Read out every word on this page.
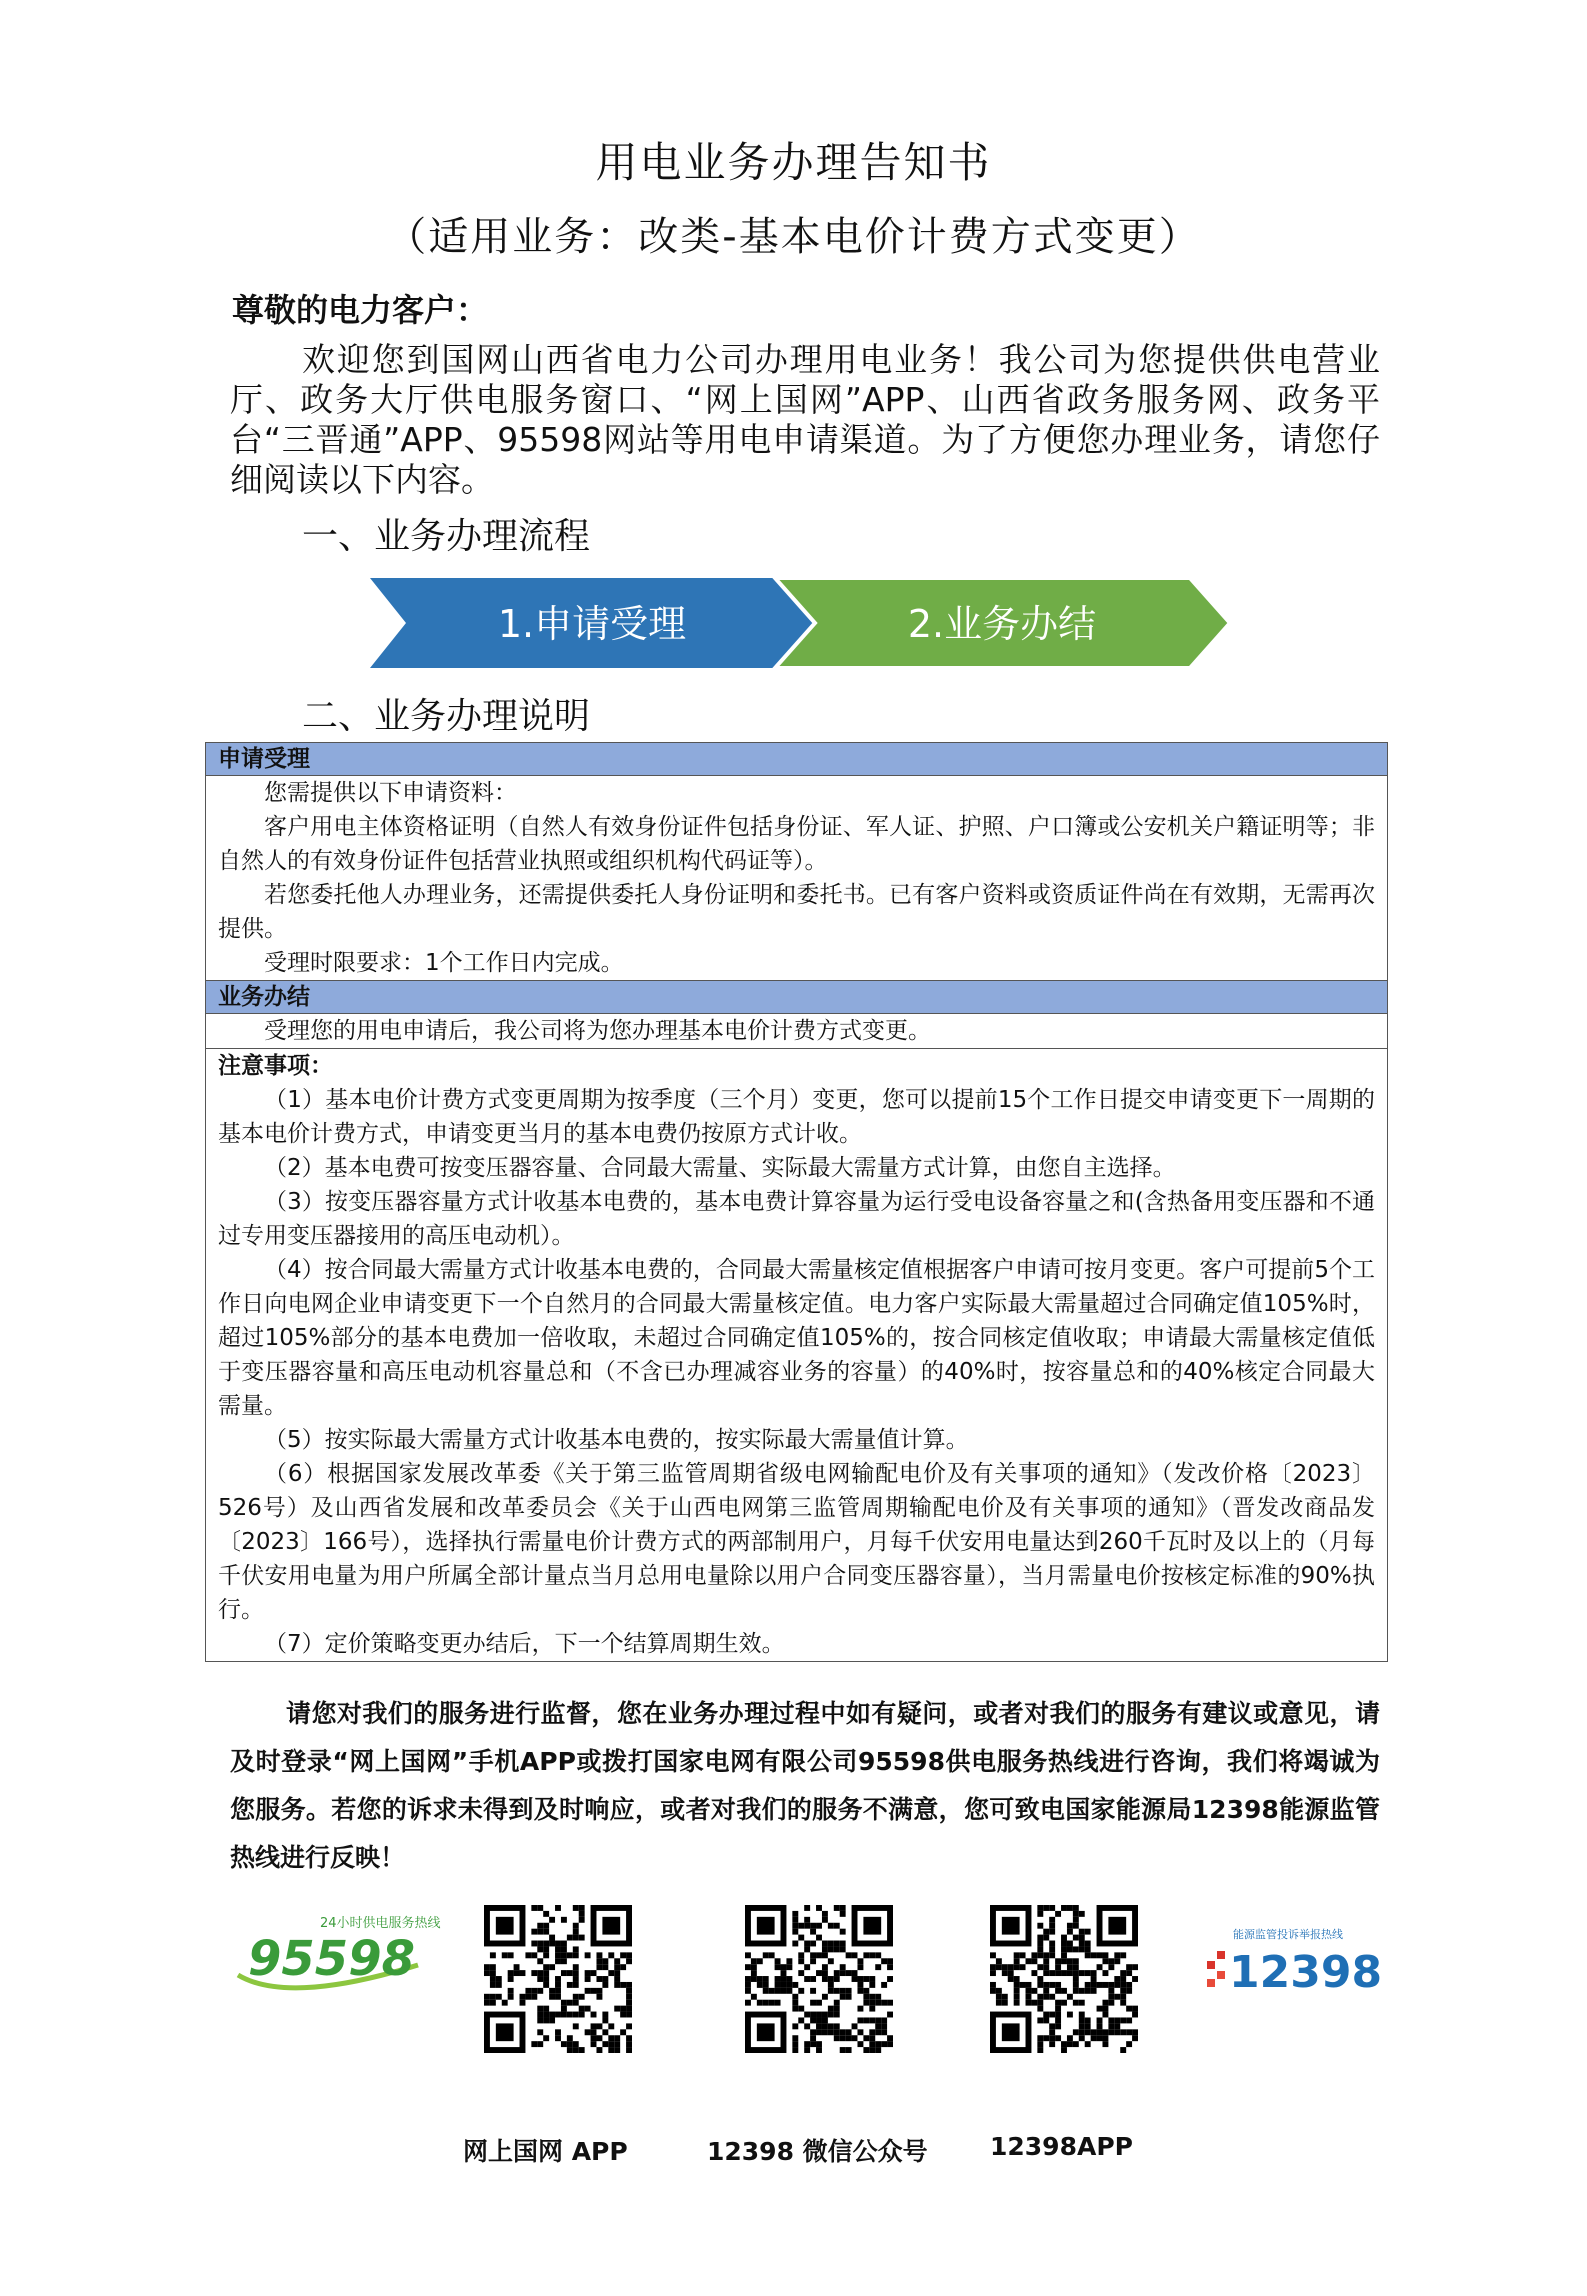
用电业务办理告知书
（适用业务：改类-基本电价计费方式变更）
尊敬的电力客户：
欢迎您到国网山西省电力公司办理用电业务！我公司为您提供供电营业厅、政务大厅供电服务窗口、“网上国网”APP、山西省政务服务网、政务平台“三晋通”APP、95598网站等用电申请渠道。为了方便您办理业务，请您仔细阅读以下内容。
一、业务办理流程
1.申请受理	2.业务办结
二、业务办理说明
申请受理

您需提供以下申请资料：

客户用电主体资格证明（自然人有效身份证件包括身份证、军人证、护照、户口簿或公安机关户籍证明等；非自然人的有效身份证件包括营业执照或组织机构代码证等）。

若您委托他人办理业务，还需提供委托人身份证明和委托书。已有客户资料或资质证件尚在有效期，无需再次提供。

受理时限要求：1个工作日内完成。

业务办结

受理您的用电申请后，我公司将为您办理基本电价计费方式变更。

注意事项：

（1）基本电价计费方式变更周期为按季度（三个月）变更，您可以提前15个工作日提交申请变更下一周期的基本电价计费方式，申请变更当月的基本电费仍按原方式计收。

（2）基本电费可按变压器容量、合同最大需量、实际最大需量方式计算，由您自主选择。

（3）按变压器容量方式计收基本电费的，基本电费计算容量为运行受电设备容量之和(含热备用变压器和不通过专用变压器接用的高压电动机）。

（4）按合同最大需量方式计收基本电费的，合同最大需量核定值根据客户申请可按月变更。客户可提前5个工作日向电网企业申请变更下一个自然月的合同最大需量核定值。电力客户实际最大需量超过合同确定值105%时，超过105%部分的基本电费加一倍收取，未超过合同确定值105%的，按合同核定值收取；申请最大需量核定值低于变压器容量和高压电动机容量总和（不含已办理减容业务的容量）的40%时，按容量总和的40%核定合同最大需量。

（5）按实际最大需量方式计收基本电费的，按实际最大需量值计算。

（6）根据国家发展改革委《关于第三监管周期省级电网输配电价及有关事项的通知》（发改价格〔2023〕526号）及山西省发展和改革委员会《关于山西电网第三监管周期输配电价及有关事项的通知》（晋发改商品发〔2023〕166号），选择执行需量电价计费方式的两部制用户，月每千伏安用电量达到260千瓦时及以上的（月每千伏安用电量为用户所属全部计量点当月总用电量除以用户合同变压器容量），当月需量电价按核定标准的90%执行。

（7）定价策略变更办结后，下一个结算周期生效。

请您对我们的服务进行监督，您在业务办理过程中如有疑问，或者对我们的服务有建议或意见，请及时登录“网上国网”手机APP或拨打国家电网有限公司95598供电服务热线进行咨询，我们将竭诚为您服务。若您的诉求未得到及时响应，或者对我们的服务不满意，您可致电国家能源局12398能源监管热线进行反映！
24小时供电服务热线
95598	能源监管投诉举报热线
12398
网上国网 APP	12398 微信公众号 12398APP
